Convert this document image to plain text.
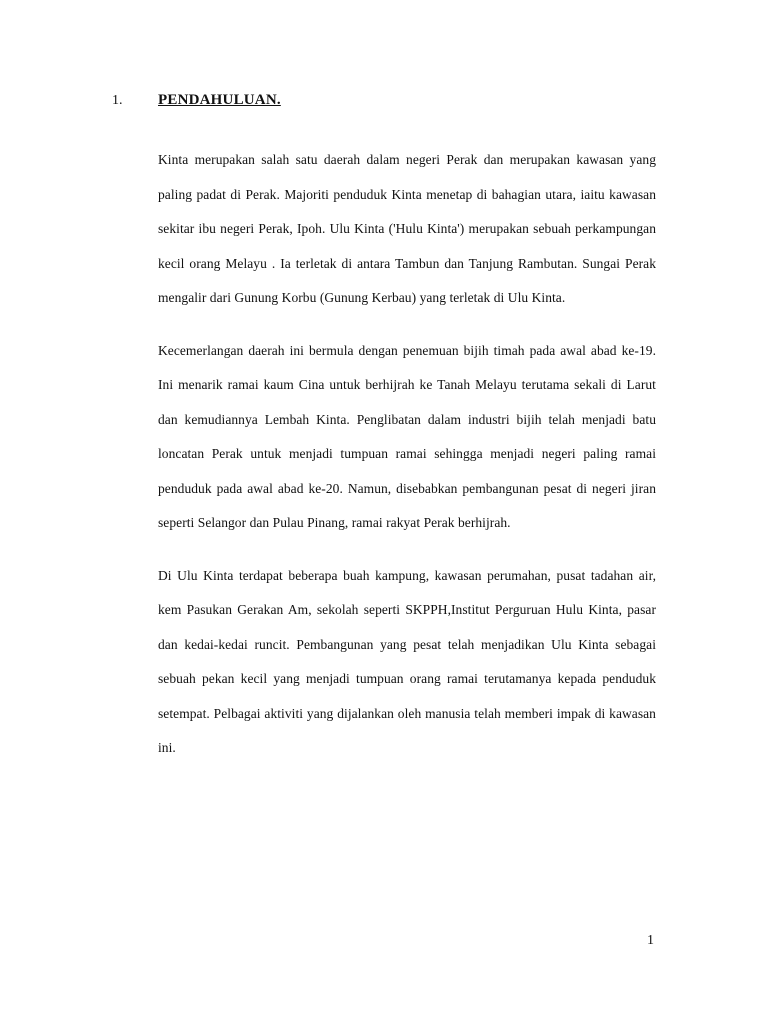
1. PENDAHULUAN.

Kinta merupakan salah satu daerah dalam negeri Perak dan merupakan kawasan yang paling padat di Perak. Majoriti penduduk Kinta menetap di bahagian utara, iaitu kawasan sekitar ibu negeri Perak, Ipoh. Ulu Kinta ('Hulu Kinta') merupakan sebuah perkampungan kecil orang Melayu . Ia terletak di antara Tambun dan Tanjung Rambutan. Sungai Perak mengalir dari Gunung Korbu (Gunung Kerbau) yang terletak di Ulu Kinta.

Kecemerlangan daerah ini bermula dengan penemuan bijih timah pada awal abad ke-19. Ini menarik ramai kaum Cina untuk berhijrah ke Tanah Melayu terutama sekali di Larut dan kemudiannya Lembah Kinta. Penglibatan dalam industri bijih telah menjadi batu loncatan Perak untuk menjadi tumpuan ramai sehingga menjadi negeri paling ramai penduduk pada awal abad ke-20. Namun, disebabkan pembangunan pesat di negeri jiran seperti Selangor dan Pulau Pinang, ramai rakyat Perak berhijrah.

Di Ulu Kinta terdapat beberapa buah kampung, kawasan perumahan, pusat tadahan air, kem Pasukan Gerakan Am, sekolah seperti SKPPH,Institut Perguruan Hulu Kinta, pasar dan kedai-kedai runcit. Pembangunan yang pesat telah menjadikan Ulu Kinta sebagai sebuah pekan kecil yang menjadi tumpuan orang ramai terutamanya kepada penduduk setempat. Pelbagai aktiviti yang dijalankan oleh manusia telah memberi impak di kawasan ini.

1
